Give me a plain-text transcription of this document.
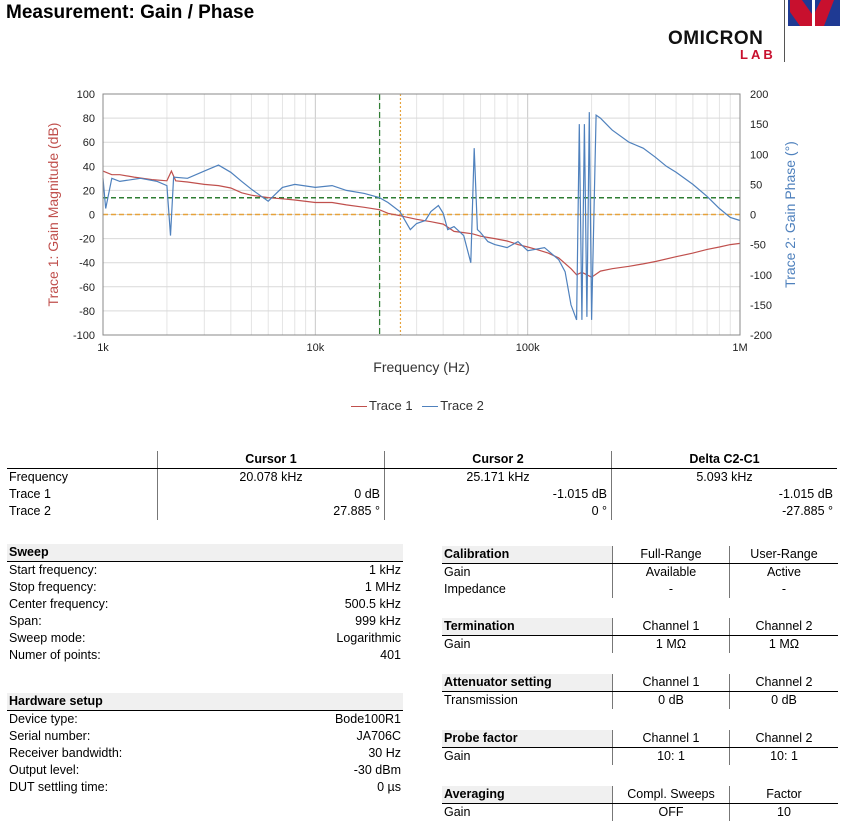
Measurement: Gain / Phase
OMICRON
LAB
100
80
60
40
20
0
-20
-40
-60
-80
-100
200
150
100
50
0
-50
-100
-150
-200
1k	10k	100k	1M
Frequency (Hz)
Trace 1: Gain Magnitude (dB)	Trace 2: Gain Phase (°)
Trace 1 Trace 2
	Cursor 1	Cursor 2	Delta C2-C1
Frequency	20.078 kHz	25.171 kHz	5.093 kHz
Trace 1	0 dB	-1.015 dB	-1.015 dB
Trace 2	27.885 °	0 °	-27.885 °
Sweep	
Start frequency:	1 kHz
Stop frequency:	1 MHz
Center frequency:	500.5 kHz
Span:	999 kHz
Sweep mode:	Logarithmic
Numer of points:	401
Hardware setup	
Device type:	Bode100R1
Serial number:	JA706C
Receiver bandwidth:	30 Hz
Output level:	-30 dBm
DUT settling time:	0 µs
Calibration	Full-Range	User-Range
Gain	Available	Active
Impedance	-	-
Termination	Channel 1	Channel 2
Gain	1 MΩ	1 MΩ
Attenuator setting	Channel 1	Channel 2
Transmission	0 dB	0 dB
Probe factor	Channel 1	Channel 2
Gain	10: 1	10: 1
Averaging	Compl. Sweeps	Factor
Gain	OFF	10
